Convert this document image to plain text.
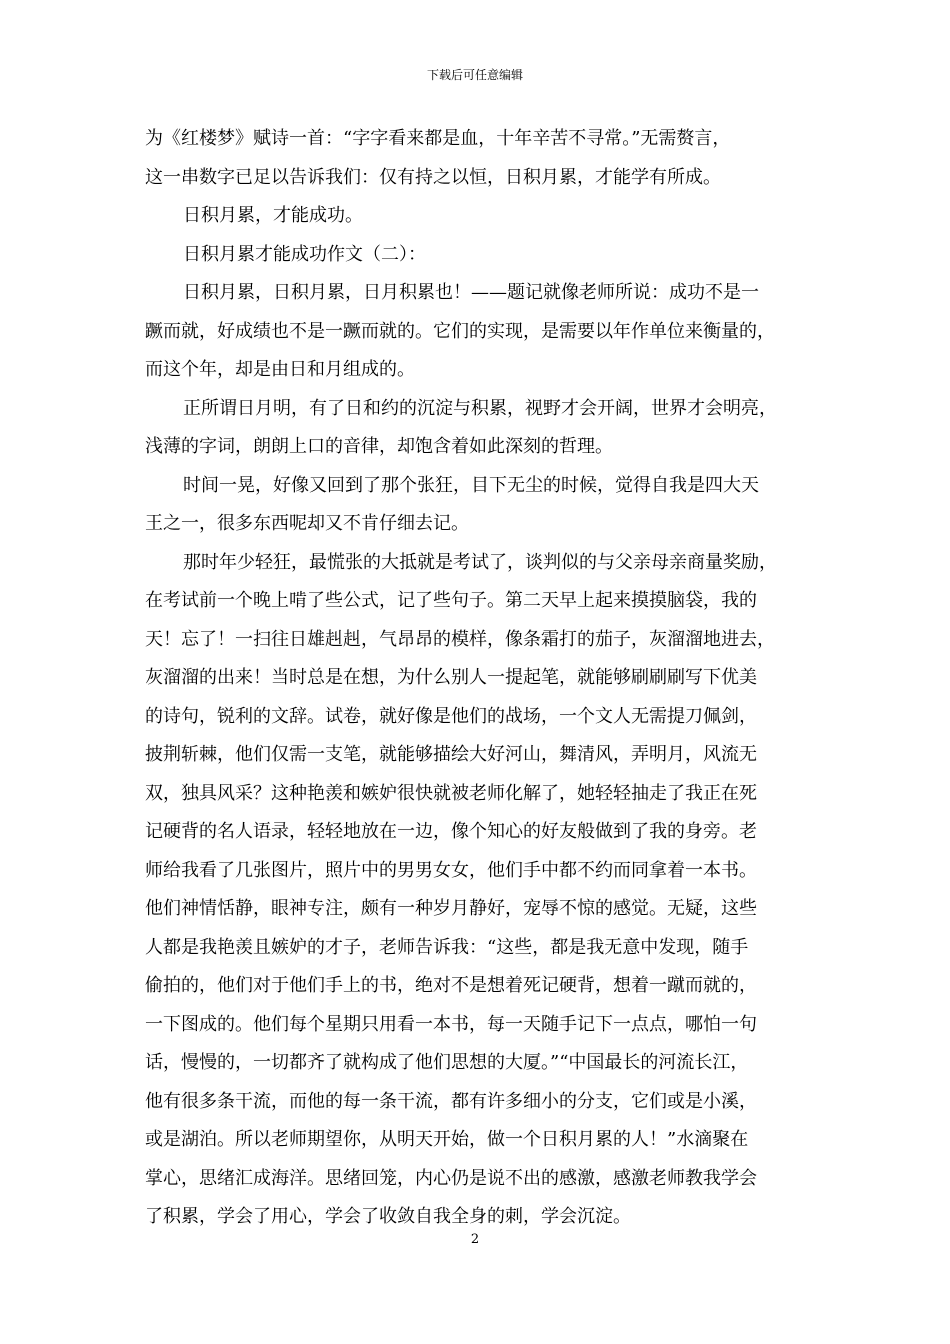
下载后可任意编辑
为《红楼梦》赋诗一首：“字字看来都是血，十年辛苦不寻常。”无需赘言，
这一串数字已足以告诉我们：仅有持之以恒，日积月累，才能学有所成。
日积月累，才能成功。
日积月累才能成功作文（二）：
日积月累，日积月累，日月积累也！——题记就像老师所说：成功不是一
蹶而就，好成绩也不是一蹶而就的。它们的实现，是需要以年作单位来衡量的，
而这个年，却是由日和月组成的。
正所谓日月明，有了日和约的沉淀与积累，视野才会开阔，世界才会明亮，
浅薄的字词，朗朗上口的音律，却饱含着如此深刻的哲理。
时间一晃，好像又回到了那个张狂，目下无尘的时候，觉得自我是四大天
王之一，很多东西呢却又不肯仔细去记。
那时年少轻狂，最慌张的大抵就是考试了，谈判似的与父亲母亲商量奖励，
在考试前一个晚上啃了些公式，记了些句子。第二天早上起来摸摸脑袋，我的
天！忘了！一扫往日雄赳赳，气昂昂的模样，像条霜打的茄子，灰溜溜地进去，
灰溜溜的出来！当时总是在想，为什么别人一提起笔，就能够刷刷刷写下优美
的诗句，锐利的文辞。试卷，就好像是他们的战场，一个文人无需提刀佩剑，
披荆斩棘，他们仅需一支笔，就能够描绘大好河山，舞清风，弄明月，风流无
双，独具风采？这种艳羡和嫉妒很快就被老师化解了，她轻轻抽走了我正在死
记硬背的名人语录，轻轻地放在一边，像个知心的好友般做到了我的身旁。老
师给我看了几张图片，照片中的男男女女，他们手中都不约而同拿着一本书。
他们神情恬静，眼神专注，颇有一种岁月静好，宠辱不惊的感觉。无疑，这些
人都是我艳羡且嫉妒的才子，老师告诉我：“这些，都是我无意中发现，随手
偷拍的，他们对于他们手上的书，绝对不是想着死记硬背，想着一蹴而就的，
一下图成的。他们每个星期只用看一本书，每一天随手记下一点点，哪怕一句
话，慢慢的，一切都齐了就构成了他们思想的大厦。”“中国最长的河流长江，
他有很多条干流，而他的每一条干流，都有许多细小的分支，它们或是小溪，
或是湖泊。所以老师期望你，从明天开始，做一个日积月累的人！”水滴聚在
掌心，思绪汇成海洋。思绪回笼，内心仍是说不出的感激，感激老师教我学会
了积累，学会了用心，学会了收敛自我全身的刺，学会沉淀。
2
